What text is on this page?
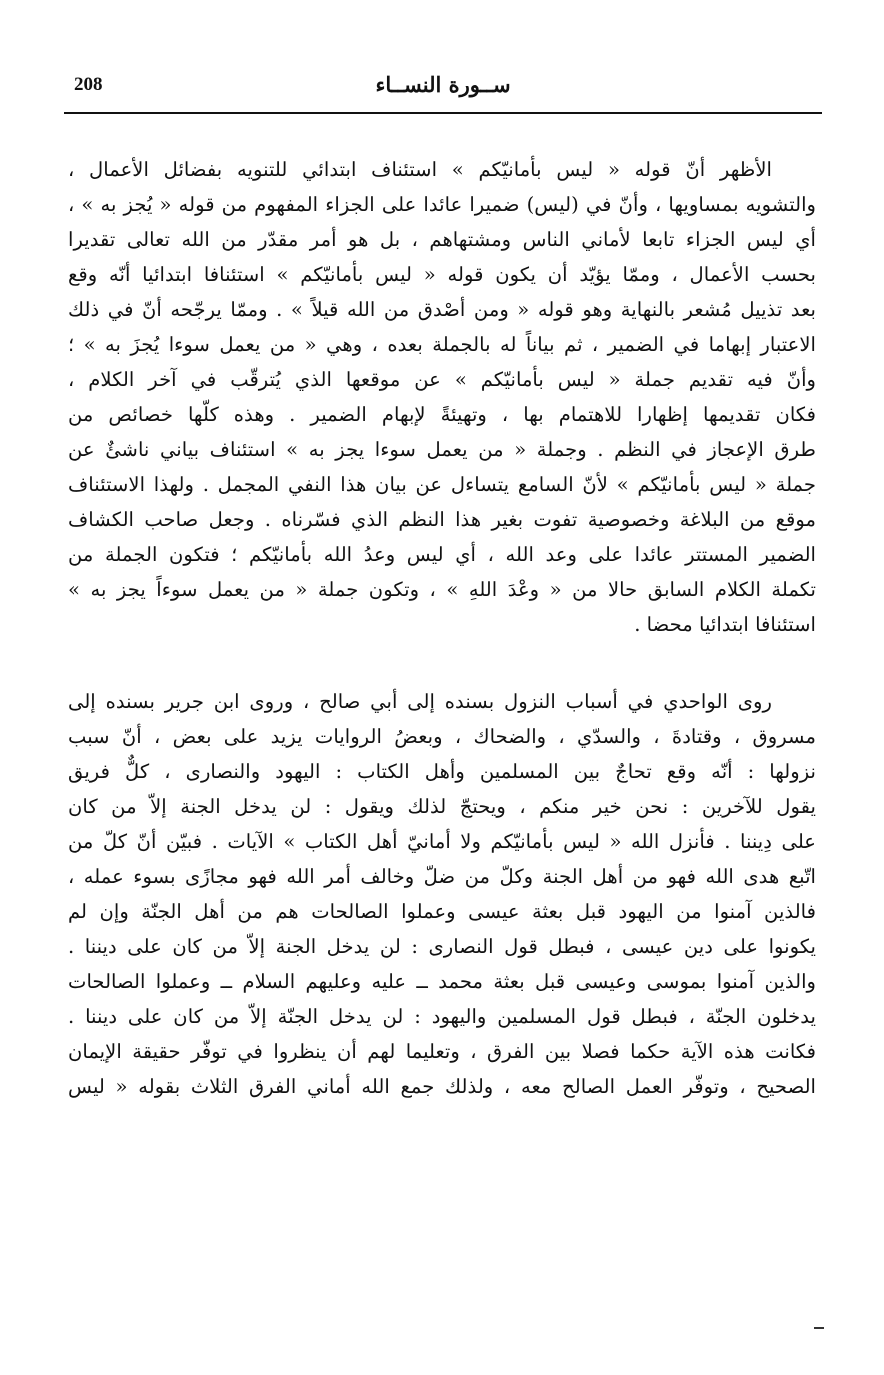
208	ســورة النســاء
الأظهر أنّ قوله « ليس بأمانيّكم » استئناف ابتدائي للتنويه بفضائل الأعمال ،
والتشويه بمساويها ، وأنّ في (ليس) ضميرا عائدا على الجزاء المفهوم من قوله « يُجز به » ،
أي ليس الجزاء تابعا لأماني الناس ومشتهاهم ، بل هو أمر مقدّر من الله تعالى تقديرا
بحسب الأعمال ، وممّا يؤيّد أن يكون قوله « ليس بأمانيّكم » استئنافا ابتدائيا أنّه وقع
بعد تذييل مُشعر بالنهاية وهو قوله « ومن أصْدق من الله قيلاً » . وممّا يرجّحه أنّ في ذلك
الاعتبار إبهاما في الضمير ، ثم بياناً له بالجملة بعده ، وهي « من يعمل سوءا يُجزَ به » ؛
وأنّ فيه تقديم جملة « ليس بأمانيّكم » عن موقعها الذي يُترقّب في آخر الكلام ،
فكان تقديمها إظهارا للاهتمام بها ، وتهيئةً لإبهام الضمير . وهذه كلّها خصائص من
طرق الإعجاز في النظم . وجملة « من يعمل سوءا يجز به » استئناف بياني ناشئٌ عن
جملة « ليس بأمانيّكم » لأنّ السامع يتساءل عن بيان هذا النفي المجمل . ولهذا الاستئناف
موقع من البلاغة وخصوصية تفوت بغير هذا النظم الذي فسّرناه . وجعل صاحب الكشاف
الضمير المستتر عائدا على وعد الله ، أي ليس وعدُ الله بأمانيّكم ؛ فتكون الجملة من
تكملة الكلام السابق حالا من « وعْدَ اللهِ » ، وتكون جملة « من يعمل سوءاً يجز به »
استئنافا ابتدائيا محضا .
روى الواحدي في أسباب النزول بسنده إلى أبي صالح ، وروى ابن جرير بسنده إلى
مسروق ، وقتادةَ ، والسدّي ، والضحاك ، وبعضُ الروايات يزيد على بعض ، أنّ سبب
نزولها : أنّه وقع تحاجٌ بين المسلمين وأهل الكتاب : اليهود والنصارى ، كلٌّ فريق
يقول للآخرين : نحن خير منكم ، ويحتجّ لذلك ويقول : لن يدخل الجنة إلاّ من كان
على دِيننا . فأنزل الله « ليس بأمانيّكم ولا أمانيّ أهل الكتاب » الآيات . فبيّن أنّ كلّ من
اتّبع هدى الله فهو من أهل الجنة وكلّ من ضلّ وخالف أمر الله فهو مجازًى بسوء عمله ،
فالذين آمنوا من اليهود قبل بعثة عيسى وعملوا الصالحات هم من أهل الجنّة وإن لم
يكونوا على دين عيسى ، فبطل قول النصارى : لن يدخل الجنة إلاّ من كان على ديننا .
والذين آمنوا بموسى وعيسى قبل بعثة محمد ــ عليه وعليهم السلام ــ وعملوا الصالحات
يدخلون الجنّة ، فبطل قول المسلمين واليهود : لن يدخل الجنّة إلاّ من كان على ديننا .
فكانت هذه الآية حكما فصلا بين الفرق ، وتعليما لهم أن ينظروا في توفّر حقيقة الإيمان
الصحيح ، وتوفّر العمل الصالح معه ، ولذلك جمع الله أماني الفرق الثلاث بقوله « ليس
